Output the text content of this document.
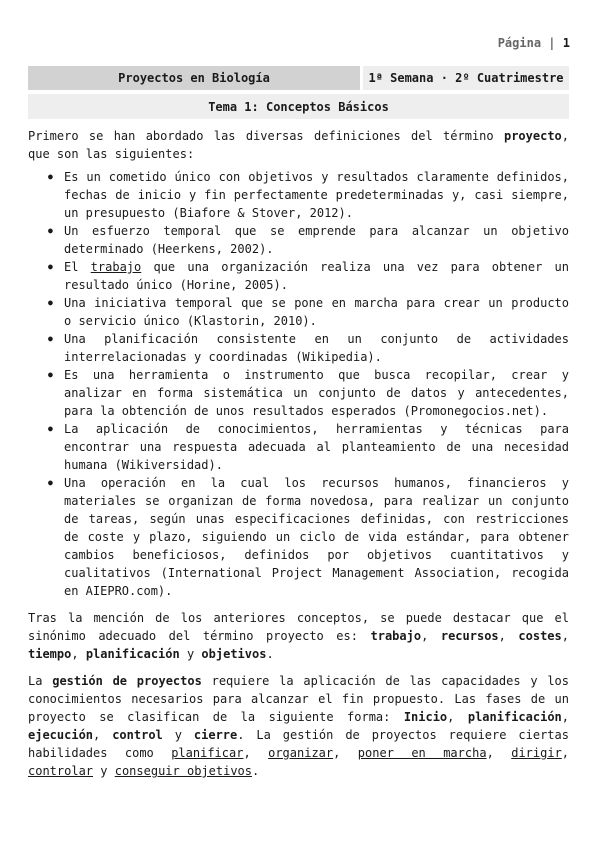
Página | 1
Proyectos en Biología	1ª Semana · 2º Cuatrimestre
Tema 1: Conceptos Básicos

Primero se han abordado las diversas definiciones del término proyecto, que son las siguientes:

● Es un cometido único con objetivos y resultados claramente definidos, fechas de inicio y fin perfectamente predeterminadas y, casi siempre, un presupuesto (Biafore & Stover, 2012).
● Un esfuerzo temporal que se emprende para alcanzar un objetivo determinado (Heerkens, 2002).
● El trabajo que una organización realiza una vez para obtener un resultado único (Horine, 2005).
● Una iniciativa temporal que se pone en marcha para crear un producto o servicio único (Klastorin, 2010).
● Una planificación consistente en un conjunto de actividades interrelacionadas y coordinadas (Wikipedia).
● Es una herramienta o instrumento que busca recopilar, crear y analizar en forma sistemática un conjunto de datos y antecedentes, para la obtención de unos resultados esperados (Promonegocios.net).
● La aplicación de conocimientos, herramientas y técnicas para encontrar una respuesta adecuada al planteamiento de una necesidad humana (Wikiversidad).
● Una operación en la cual los recursos humanos, financieros y materiales se organizan de forma novedosa, para realizar un conjunto de tareas, según unas especificaciones definidas, con restricciones de coste y plazo, siguiendo un ciclo de vida estándar, para obtener cambios beneficiosos, definidos por objetivos cuantitativos y cualitativos (International Project Management Association, recogida en AIEPRO.com).

Tras la mención de los anteriores conceptos, se puede destacar que el sinónimo adecuado del término proyecto es: trabajo, recursos, costes, tiempo, planificación y objetivos.

La gestión de proyectos requiere la aplicación de las capacidades y los conocimientos necesarios para alcanzar el fin propuesto. Las fases de un proyecto se clasifican de la siguiente forma: Inicio, planificación, ejecución, control y cierre. La gestión de proyectos requiere ciertas habilidades como planificar, organizar, poner en marcha, dirigir, controlar y conseguir objetivos.
